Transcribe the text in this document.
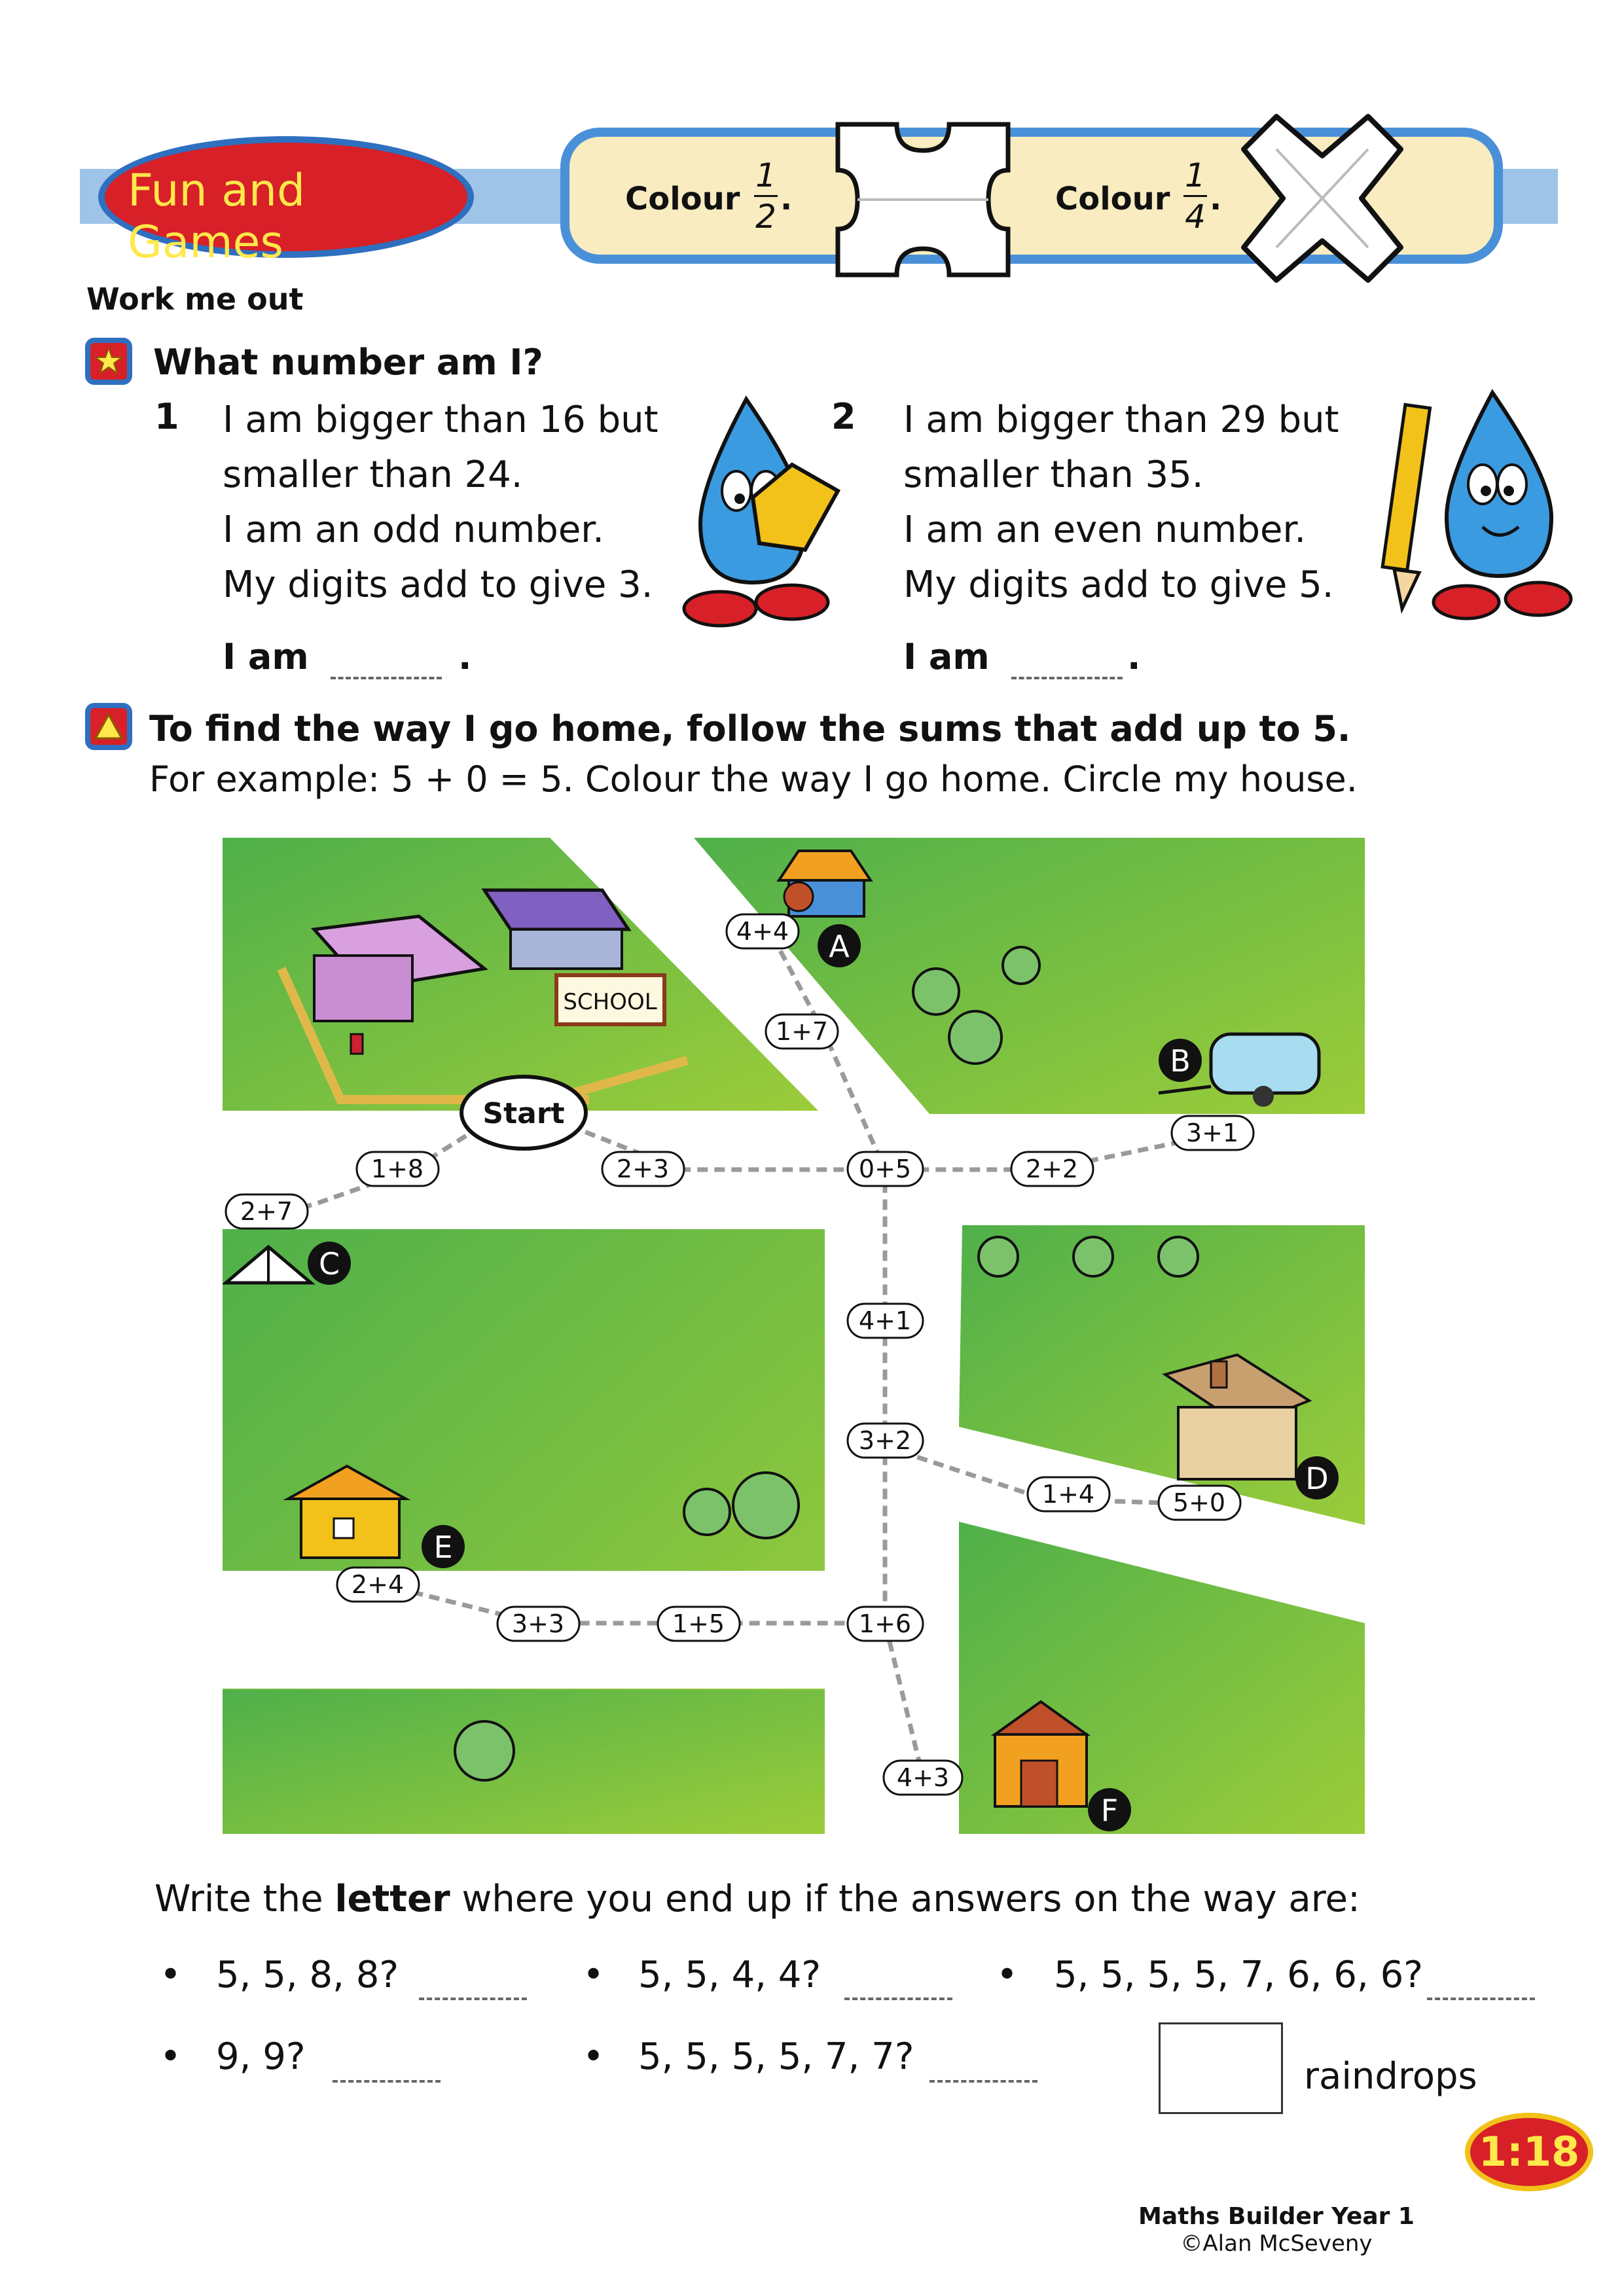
Fun and Games
Colour
1
2 .	Colour
1
4 .
Work me out
What number am I?
1 I am bigger than 16 but
smaller than 24.
I am an odd number.
My digits add to give 3.
I am	.
2 I am bigger than 29 but
smaller than 35.
I am an even number.
My digits add to give 5.
I am	.
To find the way I go home, follow the sums that add up to 5.
For example: 5 + 0 = 5. Colour the way I go home. Circle my house.
SCHOOL
Start
4+4
1+7
3+1
1+8	2+3	0+5	2+2
2+7
4+1
3+2
1+4	5+0
2+4
3+3	1+5	1+6
4+3
A
B
C
D
E
F
Write the letter where you end up if the answers on the way are:
• 5, 5, 8, 8?	• 5, 5, 4, 4?	• 5, 5, 5, 5, 7, 6, 6, 6?
• 9, 9?	• 5, 5, 5, 5, 7, 7?	raindrops
1:18
Maths Builder Year 1
©Alan McSeveny
